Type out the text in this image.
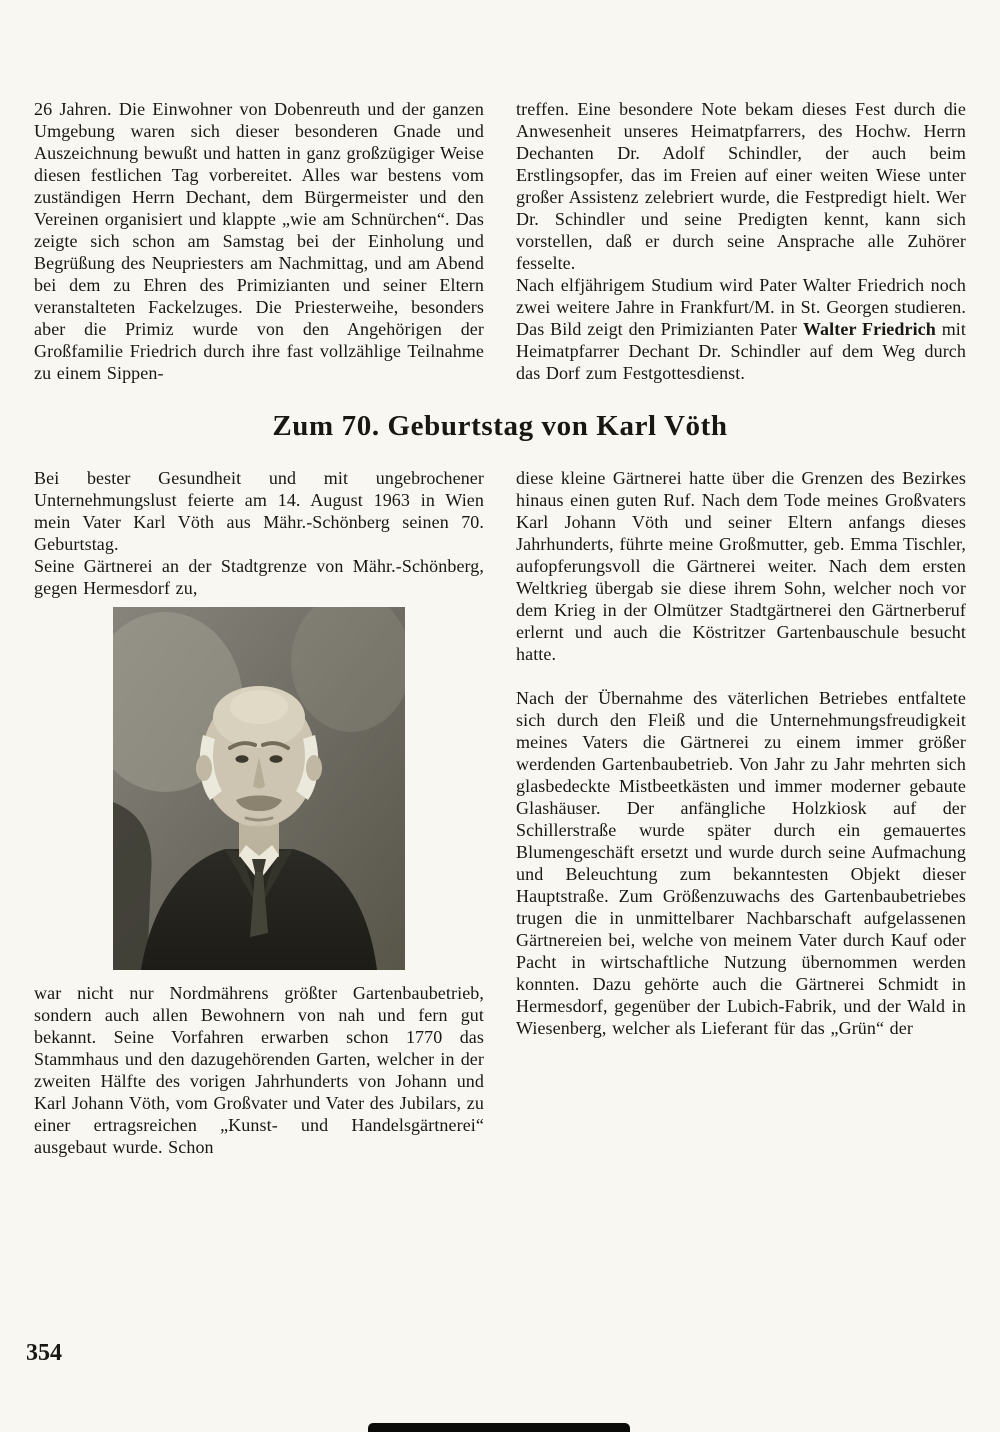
26 Jahren. Die Einwohner von Dobenreuth und der ganzen Umgebung waren sich dieser besonderen Gnade und Auszeichnung bewußt und hatten in ganz großzügiger Weise diesen festlichen Tag vorbereitet. Alles war bestens vom zuständigen Herrn Dechant, dem Bürgermeister und den Vereinen organisiert und klappte „wie am Schnürchen“. Das zeigte sich schon am Samstag bei der Einholung und Begrüßung des Neupriesters am Nachmittag, und am Abend bei dem zu Ehren des Primizianten und seiner Eltern veranstalteten Fackelzuges. Die Priesterweihe, besonders aber die Primiz wurde von den Angehörigen der Großfamilie Friedrich durch ihre fast vollzählige Teilnahme zu einem Sippen-

treffen. Eine besondere Note bekam dieses Fest durch die Anwesenheit unseres Heimatpfarrers, des Hochw. Herrn Dechanten Dr. Adolf Schindler, der auch beim Erstlingsopfer, das im Freien auf einer weiten Wiese unter großer Assistenz zelebriert wurde, die Festpredigt hielt. Wer Dr. Schindler und seine Predigten kennt, kann sich vorstellen, daß er durch seine Ansprache alle Zuhörer fesselte.

Nach elfjährigem Studium wird Pater Walter Friedrich noch zwei weitere Jahre in Frankfurt/M. in St. Georgen studieren. Das Bild zeigt den Primizianten Pater Walter Friedrich mit Heimatpfarrer Dechant Dr. Schindler auf dem Weg durch das Dorf zum Festgottesdienst.

Zum 70. Geburtstag von Karl Vöth

Bei bester Gesundheit und mit ungebrochener Unternehmungslust feierte am 14. August 1963 in Wien mein Vater Karl Vöth aus Mähr.-Schönberg seinen 70. Geburtstag.

Seine Gärtnerei an der Stadtgrenze von Mähr.-Schönberg, gegen Hermesdorf zu,

war nicht nur Nordmährens größter Gartenbaubetrieb, sondern auch allen Bewohnern von nah und fern gut bekannt. Seine Vorfahren erwarben schon 1770 das Stammhaus und den dazugehörenden Garten, welcher in der zweiten Hälfte des vorigen Jahrhunderts von Johann und Karl Johann Vöth, vom Großvater und Vater des Jubilars, zu einer ertragsreichen „Kunst- und Handelsgärtnerei“ ausgebaut wurde. Schon

diese kleine Gärtnerei hatte über die Grenzen des Bezirkes hinaus einen guten Ruf. Nach dem Tode meines Großvaters Karl Johann Vöth und seiner Eltern anfangs dieses Jahrhunderts, führte meine Großmutter, geb. Emma Tischler, aufopferungsvoll die Gärtnerei weiter. Nach dem ersten Weltkrieg übergab sie diese ihrem Sohn, welcher noch vor dem Krieg in der Olmützer Stadtgärtnerei den Gärtnerberuf erlernt und auch die Köstritzer Gartenbauschule besucht hatte.

Nach der Übernahme des väterlichen Betriebes entfaltete sich durch den Fleiß und die Unternehmungsfreudigkeit meines Vaters die Gärtnerei zu einem immer größer werdenden Gartenbaubetrieb. Von Jahr zu Jahr mehrten sich glasbedeckte Mistbeetkästen und immer moderner gebaute Glashäuser. Der anfängliche Holzkiosk auf der Schillerstraße wurde später durch ein gemauertes Blumengeschäft ersetzt und wurde durch seine Aufmachung und Beleuchtung zum bekanntesten Objekt dieser Hauptstraße. Zum Größenzuwachs des Gartenbaubetriebes trugen die in unmittelbarer Nachbarschaft aufgelassenen Gärtnereien bei, welche von meinem Vater durch Kauf oder Pacht in wirtschaftliche Nutzung übernommen werden konnten. Dazu gehörte auch die Gärtnerei Schmidt in Hermesdorf, gegenüber der Lubich-Fabrik, und der Wald in Wiesenberg, welcher als Lieferant für das „Grün“ der

354
